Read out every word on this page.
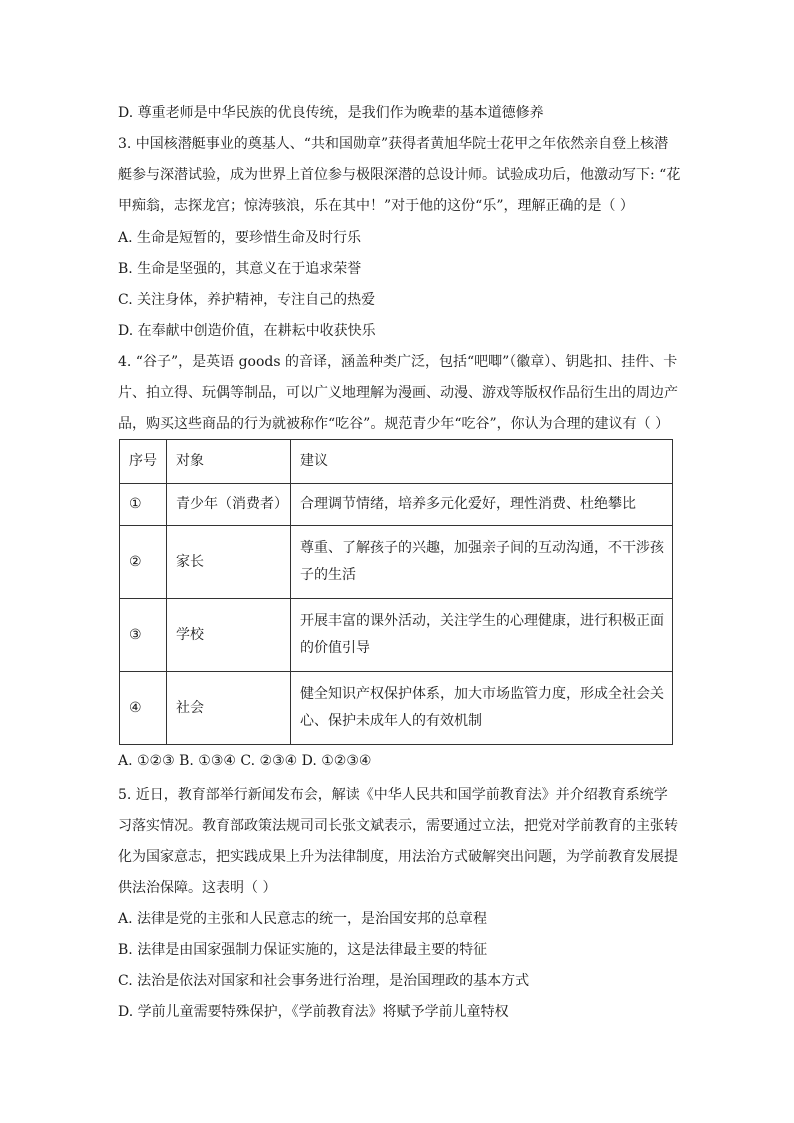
D. 尊重老师是中华民族的优良传统，是我们作为晚辈的基本道德修养
3. 中国核潜艇事业的奠基人、“共和国勋章”获得者黄旭华院士花甲之年依然亲自登上核潜
艇参与深潜试验，成为世界上首位参与极限深潜的总设计师。试验成功后，他激动写下: “花
甲痴翁，志探龙宫；惊涛骇浪，乐在其中！”对于他的这份“乐”，理解正确的是（ ）
A. 生命是短暂的，要珍惜生命及时行乐
B. 生命是坚强的，其意义在于追求荣誉
C. 关注身体，养护精神，专注自己的热爱
D. 在奉献中创造价值，在耕耘中收获快乐
4. “谷子”，是英语 goods 的音译，涵盖种类广泛，包括“吧唧”（徽章）、钥匙扣、挂件、卡
片、拍立得、玩偶等制品，可以广义地理解为漫画、动漫、游戏等版权作品衍生出的周边产
品，购买这些商品的行为就被称作“吃谷”。规范青少年“吃谷”，你认为合理的建议有（ ）
序号	对象	建议
①	青少年（消费者）	合理调节情绪，培养多元化爱好，理性消费、杜绝攀比
②	家长	尊重、了解孩子的兴趣，加强亲子间的互动沟通，不干涉孩
子的生活

③	学校	开展丰富的课外活动，关注学生的心理健康，进行积极正面
的价值引导

④	社会	健全知识产权保护体系，加大市场监管力度，形成全社会关
心、保护未成年人的有效机制
A. ①②③ B. ①③④ C. ②③④ D. ①②③④
5. 近日，教育部举行新闻发布会，解读《中华人民共和国学前教育法》并介绍教育系统学
习落实情况。教育部政策法规司司长张文斌表示，需要通过立法，把党对学前教育的主张转
化为国家意志，把实践成果上升为法律制度，用法治方式破解突出问题，为学前教育发展提
供法治保障。这表明（ ）
A. 法律是党的主张和人民意志的统一，是治国安邦的总章程
B. 法律是由国家强制力保证实施的，这是法律最主要的特征
C. 法治是依法对国家和社会事务进行治理，是治国理政的基本方式
D. 学前儿童需要特殊保护，《学前教育法》将赋予学前儿童特权
